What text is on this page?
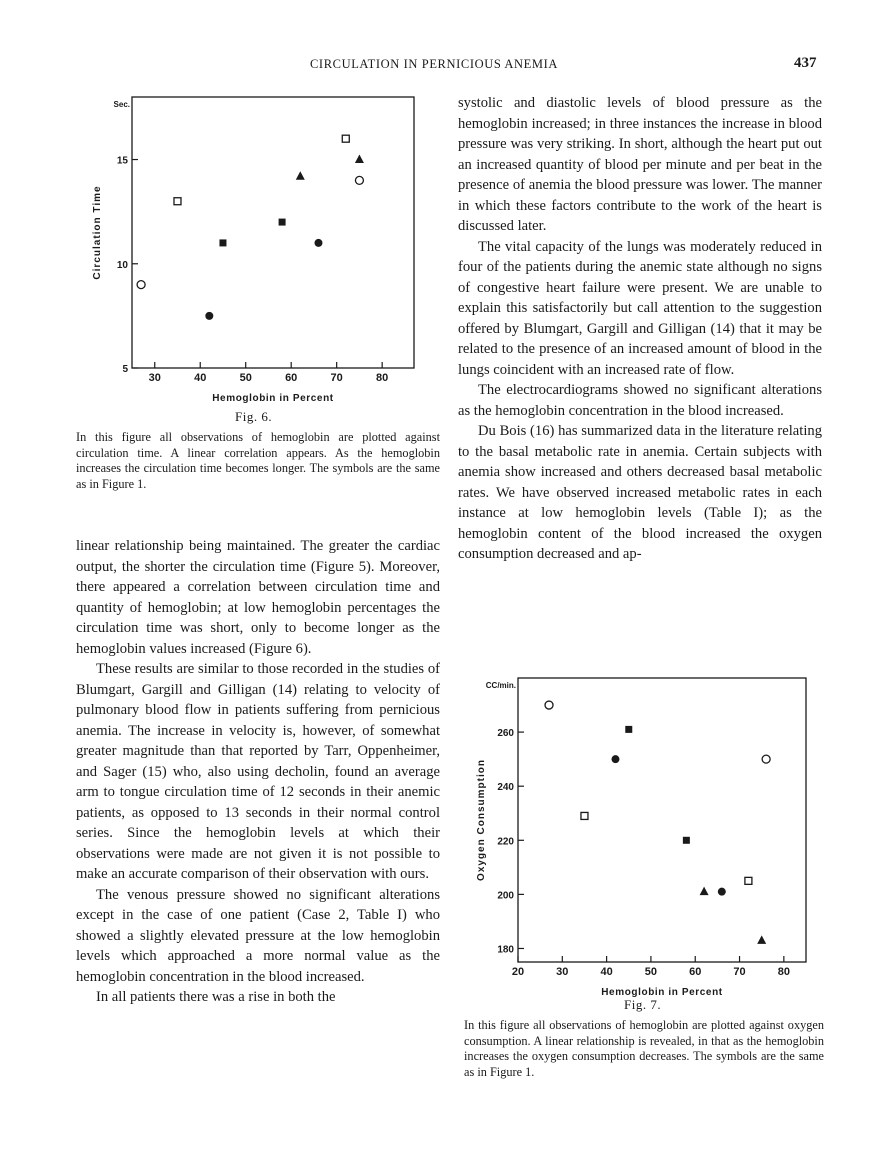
CIRCULATION IN PERNICIOUS ANEMIA	437
30	40	50	60	70	80
5
10
15
Sec.
Hemoglobin in Percent
Circulation Time
Fig. 6.
In this figure all observations of hemoglobin are plotted against circulation time. A linear correlation appears. As the hemoglobin increases the circulation time becomes longer. The symbols are the same as in Figure 1.

linear relationship being maintained. The greater the cardiac output, the shorter the circulation time (Figure 5). Moreover, there appeared a correlation between circulation time and quantity of hemoglobin; at low hemoglobin percentages the circulation time was short, only to become longer as the hemoglobin values increased (Figure 6).

These results are similar to those recorded in the studies of Blumgart, Gargill and Gilligan (14) relating to velocity of pulmonary blood flow in patients suffering from pernicious anemia. The increase in velocity is, however, of somewhat greater magnitude than that reported by Tarr, Oppenheimer, and Sager (15) who, also using decholin, found an average arm to tongue circulation time of 12 seconds in their anemic patients, as opposed to 13 seconds in their normal control series. Since the hemoglobin levels at which their observations were made are not given it is not possible to make an accurate comparison of their observation with ours.

The venous pressure showed no significant alterations except in the case of one patient (Case 2, Table I) who showed a slightly elevated pressure at the low hemoglobin levels which approached a more normal value as the hemoglobin concentration in the blood increased.

In all patients there was a rise in both the

systolic and diastolic levels of blood pressure as the hemoglobin increased; in three instances the increase in blood pressure was very striking. In short, although the heart put out an increased quantity of blood per minute and per beat in the presence of anemia the blood pressure was lower. The manner in which these factors contribute to the work of the heart is discussed later.

The vital capacity of the lungs was moderately reduced in four of the patients during the anemic state although no signs of congestive heart failure were present. We are unable to explain this satisfactorily but call attention to the suggestion offered by Blumgart, Gargill and Gilligan (14) that it may be related to the presence of an increased amount of blood in the lungs coincident with an increased rate of flow.

The electrocardiograms showed no significant alterations as the hemoglobin concentration in the blood increased.

Du Bois (16) has summarized data in the literature relating to the basal metabolic rate in anemia. Certain subjects with anemia show increased and others decreased basal metabolic rates. We have observed increased metabolic rates in each instance at low hemoglobin levels (Table I); as the hemoglobin content of the blood increased the oxygen consumption decreased and ap-

20	30	40	50	60	70	80
180
200
220
240
260
CC/min.
Hemoglobin in Percent
Oxygen Consumption
Fig. 7.
In this figure all observations of hemoglobin are plotted against oxygen consumption. A linear relationship is revealed, in that as the hemoglobin increases the oxygen consumption decreases. The symbols are the same as in Figure 1.
